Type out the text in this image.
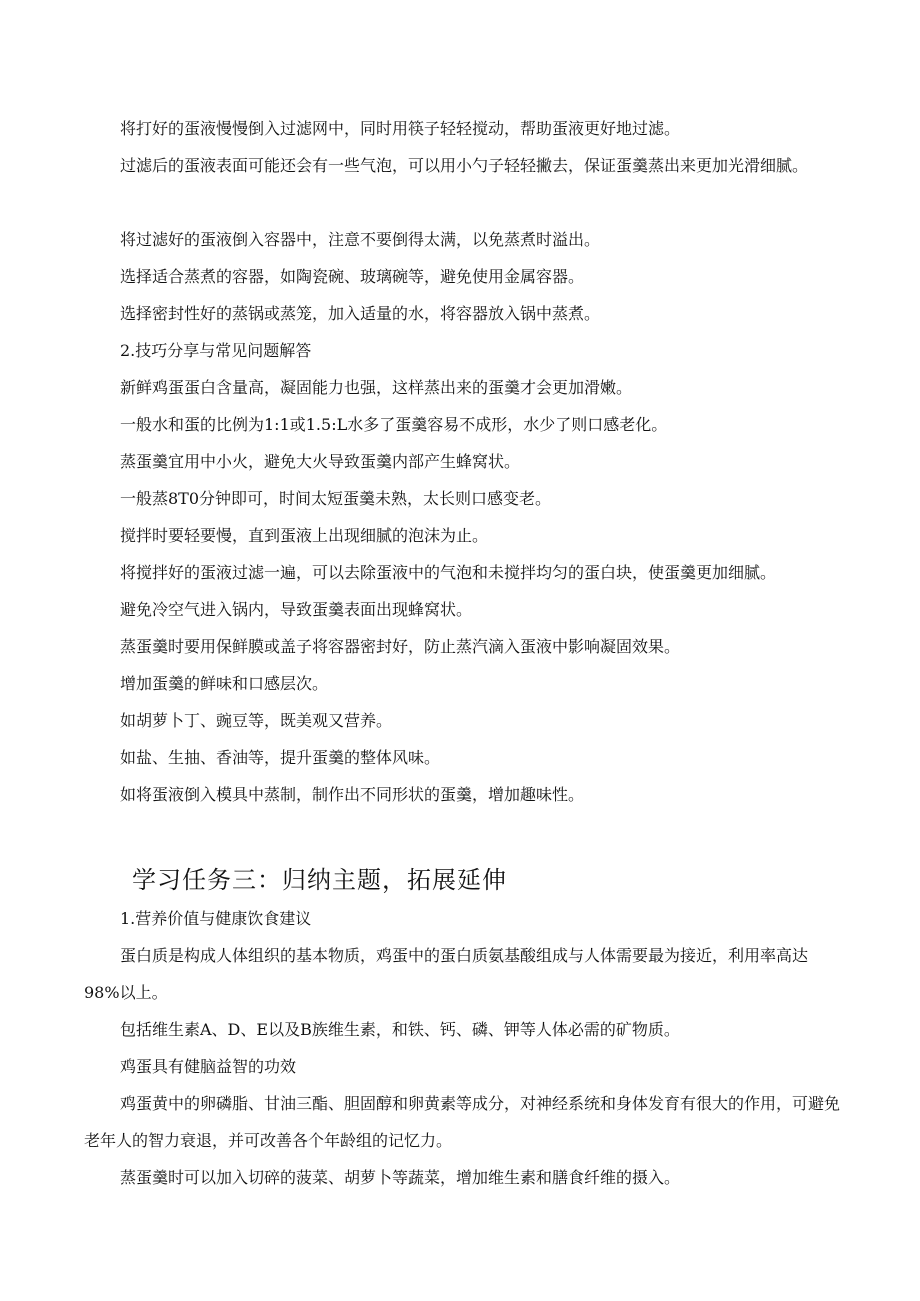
将打好的蛋液慢慢倒入过滤网中，同时用筷子轻轻搅动，帮助蛋液更好地过滤。
过滤后的蛋液表面可能还会有一些气泡，可以用小勺子轻轻撇去，保证蛋羹蒸出来更加光滑细腻。
将过滤好的蛋液倒入容器中，注意不要倒得太满，以免蒸煮时溢出。
选择适合蒸煮的容器，如陶瓷碗、玻璃碗等，避免使用金属容器。
选择密封性好的蒸锅或蒸笼，加入适量的水，将容器放入锅中蒸煮。
2.技巧分享与常见问题解答
新鲜鸡蛋蛋白含量高，凝固能力也强，这样蒸出来的蛋羹才会更加滑嫩。
一般水和蛋的比例为1:1或1.5:L水多了蛋羹容易不成形，水少了则口感老化。
蒸蛋羹宜用中小火，避免大火导致蛋羹内部产生蜂窝状。
一般蒸8T0分钟即可，时间太短蛋羹未熟，太长则口感变老。
搅拌时要轻要慢，直到蛋液上出现细腻的泡沫为止。
将搅拌好的蛋液过滤一遍，可以去除蛋液中的气泡和未搅拌均匀的蛋白块，使蛋羹更加细腻。
避免冷空气进入锅内，导致蛋羹表面出现蜂窝状。
蒸蛋羹时要用保鲜膜或盖子将容器密封好，防止蒸汽滴入蛋液中影响凝固效果。
增加蛋羹的鲜味和口感层次。
如胡萝卜丁、豌豆等，既美观又营养。
如盐、生抽、香油等，提升蛋羹的整体风味。
如将蛋液倒入模具中蒸制，制作出不同形状的蛋羹，增加趣味性。
学习任务三：归纳主题，拓展延伸
1.营养价值与健康饮食建议
蛋白质是构成人体组织的基本物质，鸡蛋中的蛋白质氨基酸组成与人体需要最为接近，利用率高达98%以上。
包括维生素A、D、E以及B族维生素，和铁、钙、磷、钾等人体必需的矿物质。
鸡蛋具有健脑益智的功效
鸡蛋黄中的卵磷脂、甘油三酯、胆固醇和卵黄素等成分，对神经系统和身体发育有很大的作用，可避免老年人的智力衰退，并可改善各个年龄组的记忆力。
蒸蛋羹时可以加入切碎的菠菜、胡萝卜等蔬菜，增加维生素和膳食纤维的摄入。
